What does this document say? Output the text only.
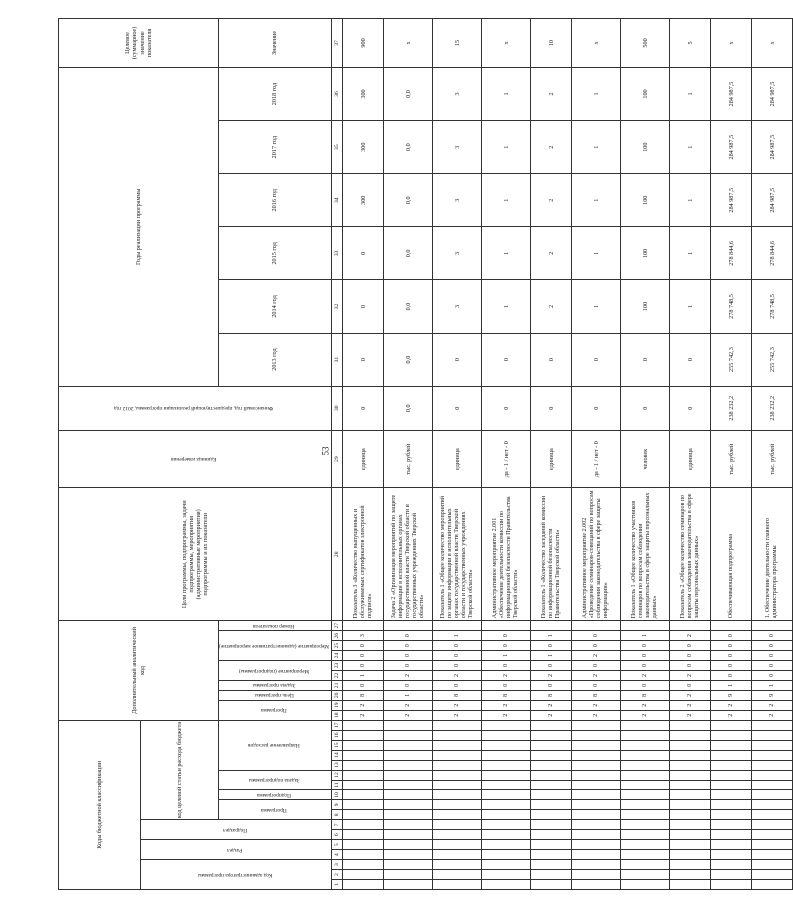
53
Коды бюджетной классификации																	Дополнительный аналитический код										Цели программы, подпрограммы, задачи подпрограммы, мероприятия (административные мероприятия) подпрограммы и их показатели	Единица измерения	Финансовый год, предшествующий реализации программы, 2012 год	Годы реализации программы						Целевое (суммарное) значение показателя
Код администратора программы			Раздел		Подраздел		код целевой статьи расхода бюджета																													
							Программа		Подпрограмма	Задача подпрограммы		Направление расходов					Программа		Цель программы	Задача программы	Мероприятие (подпрограммы)		Мероприятие (административное мероприятие)			Номер показателя				2013 год	2014 год	2015 год	2016 год	2017 год	2018 год	Значение
1	2	3	4	5	6	7	8	9	10	11	12	13	14	15	16	17	18	19	20	21	22	23	24	25	26	27	28	29	30	31	32	33	34	35	36	37
																	2	2	8	0	1	0	0	0	3		Показатель 3 «Количество выпущенных и обслуживаемых сертификатов электронной подписи»	единица	0	0	0	0	300	300	300	900
																	2	2	1	0	2	0	0	0	0		Задача 2 «Организация мероприятий по защите информации в исполнительных органах государственной власти Тверской области и государственных учреждениях Тверской области»	тыс. рублей	0,0	0,0	0,0	0,0	0,0	0,0	0,0	х
																	2	2	8	0	2	0	0	0	1		Показатель 1 «Общее количество мероприятий по защите информации в исполнительных органах государственной власти Тверской области и государственных учреждениях Тверской области»	единица	0	0	3	3	3	3	3	15
																	2	2	8	0	2	0	1	0	0		Административное мероприятие 2.001 «Обеспечение деятельности комиссии по информационной безопасности Правительства Тверской области»	да - 1 / нет - 0	0	0	1	1	1	1	1	х
																	2	2	8	0	2	0	1	0	1		Показатель 1 «Количество заседаний комиссии по информационной безопасности Правительства Тверской области»	единица	0	0	2	2	2	2	2	10
																	2	2	8	0	2	0	2	0	0		Административное мероприятие 2.002 «Проведение семинаров-совещаний по вопросам соблюдения законодательства в сфере защиты информации»	да - 1 / нет - 0	0	0	1	1	1	1	1	х
																	2	2	8	0	2	0	0	0	1		Показатель 1 «Общее количество участников семинаров по вопросам соблюдения законодательства в сфере защиты персональных данных»	человек	0	0	100	100	100	100	100	500
																	2	2	2	0	2	0	0	0	2		Показатель 2 «Общее количество семинаров по вопросам соблюдения законодательства в сфере защиты персональных данных»	единица	0	0	1	1	1	1	1	5
																	2	2	9	1	0	0	0	0	0		Обеспечивающая подпрограмма	тыс. рублей	238 232,2	255 742,3	278 748,5	278 844,6	284 987,5	284 987,5	284 987,5	х
																	2	2	9	1	0	0	0	0	0		1. Обеспечение деятельности главного администратора программы	тыс. рублей	238 232,2	255 742,3	278 748,5	278 844,6	284 987,5	284 987,5	284 987,5	х
